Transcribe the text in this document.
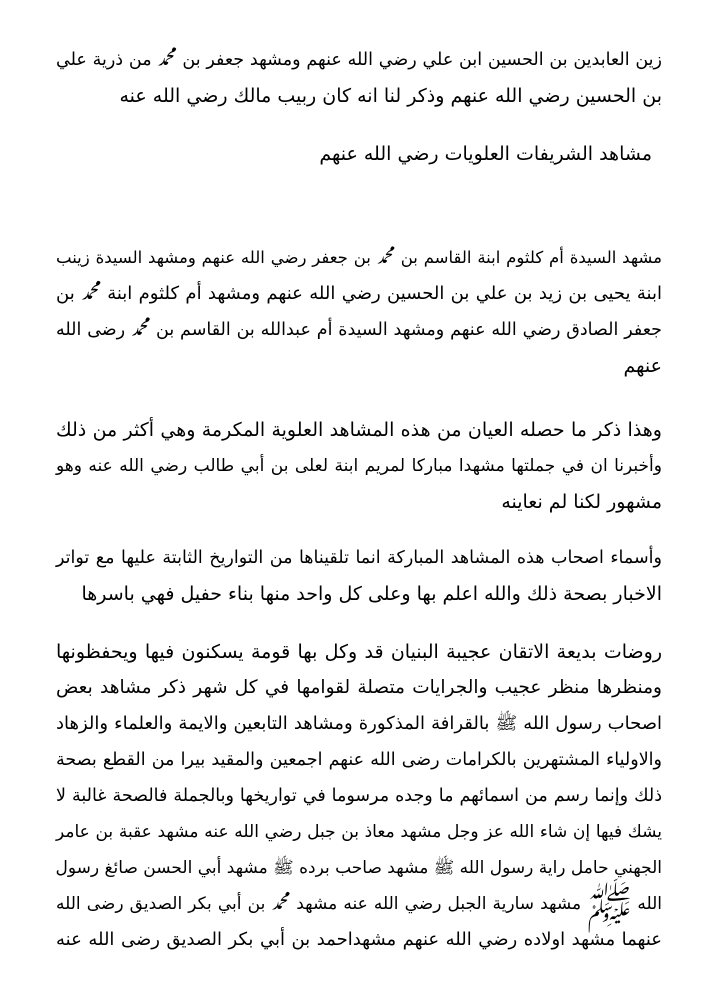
زين العابدين بن الحسين ابن علي رضي الله عنهم ومشهد جعفر بن ﷴ من ذرية علي
بن الحسين رضي الله عنهم وذكر لنا انه كان ربيب مالك رضي الله عنه

مشاهد الشريفات العلويات رضي الله عنهم

مشهد السيدة أم كلثوم ابنة القاسم بن ﷴ بن جعفر رضي الله عنهم ومشهد السيدة زينب
ابنة يحيى بن زيد بن علي بن الحسين رضي الله عنهم ومشهد أم كلثوم ابنة ﷴ بن
جعفر الصادق رضي الله عنهم ومشهد السيدة أم عبدالله بن القاسم بن ﷴ رضى الله
عنهم

وهذا ذكر ما حصله العيان من هذه المشاهد العلوية المكرمة وهي أكثر من ذلك
وأخبرنا ان في جملتها مشهدا مباركا لمريم ابنة لعلى بن أبي طالب رضي الله عنه وهو
مشهور لكنا لم نعاينه

وأسماء اصحاب هذه المشاهد المباركة انما تلقيناها من التواريخ الثابتة عليها مع تواتر
الاخبار بصحة ذلك والله اعلم بها وعلى كل واحد منها بناء حفيل فهي باسرها

روضات بديعة الاتقان عجيبة البنيان قد وكل بها قومة يسكنون فيها ويحفظونها
ومنظرها منظر عجيب والجرايات متصلة لقوامها في كل شهر ذكر مشاهد بعض
اصحاب رسول الله ﷺ بالقرافة المذكورة ومشاهد التابعين والايمة والعلماء والزهاد
والاولياء المشتهرين بالكرامات رضى الله عنهم اجمعين والمقيد بيرا من القطع بصحة
ذلك وإنما رسم من اسمائهم ما وجده مرسوما في تواريخها وبالجملة فالصحة غالبة لا
يشك فيها إن شاء الله عز وجل مشهد معاذ بن جبل رضي الله عنه مشهد عقبة بن عامر
الجهني حامل راية رسول الله ﷺ مشهد صاحب برده ﷺ مشهد أبي الحسن صائغ رسول
الله ﷺ مشهد سارية الجبل رضي الله عنه مشهد ﷴ بن أبي بكر الصديق رضى الله
عنهما مشهد اولاده رضي الله عنهم مشهداحمد بن أبي بكر الصديق رضى الله عنه
